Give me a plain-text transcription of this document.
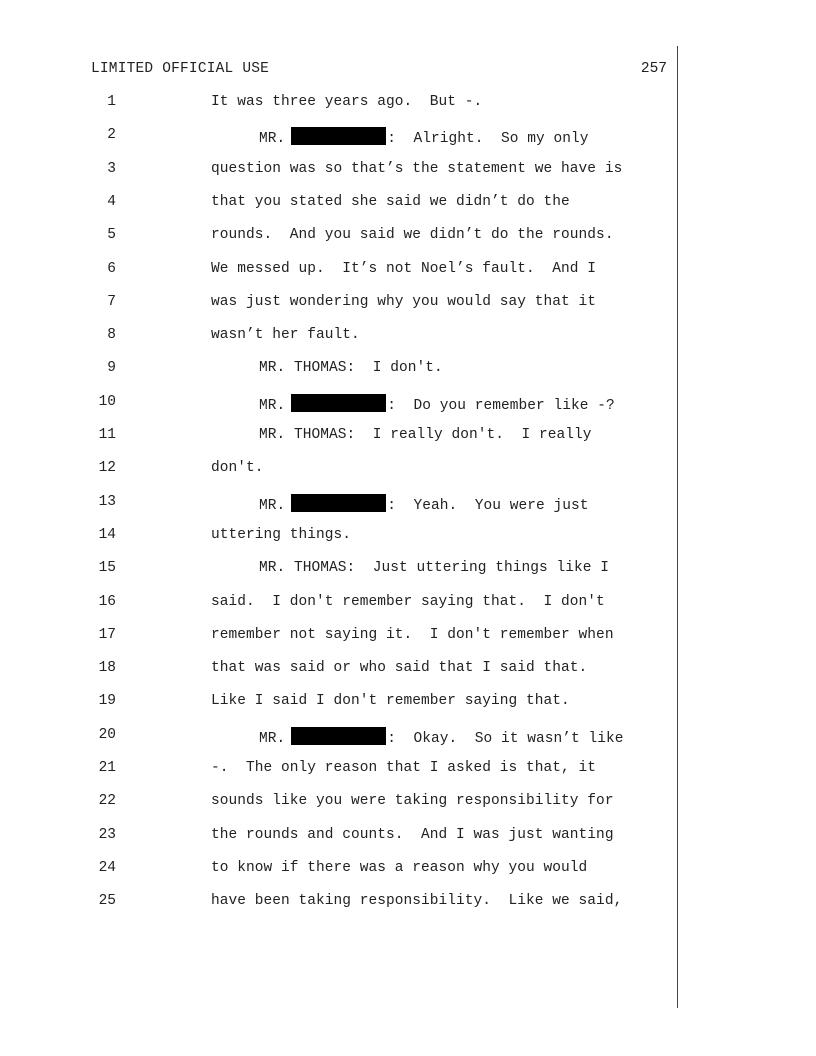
LIMITED OFFICIAL USE	257
1	It was three years ago.  But -.
2	MR.	:  Alright.  So my only
3	question was so that’s the statement we have is
4	that you stated she said we didn’t do the
5	rounds.  And you said we didn’t do the rounds.
6	We messed up.  It’s not Noel’s fault.  And I
7	was just wondering why you would say that it
8	wasn’t her fault.
9	MR. THOMAS:  I don't.
10	MR.	:  Do you remember like -?
11	MR. THOMAS:  I really don't.  I really
12	don't.
13	MR.	:  Yeah.  You were just
14	uttering things.
15	MR. THOMAS:  Just uttering things like I
16	said.  I don't remember saying that.  I don't
17	remember not saying it.  I don't remember when
18	that was said or who said that I said that.
19	Like I said I don't remember saying that.
20	MR.	:  Okay.  So it wasn’t like
21	-.  The only reason that I asked is that, it
22	sounds like you were taking responsibility for
23	the rounds and counts.  And I was just wanting
24	to know if there was a reason why you would
25	have been taking responsibility.  Like we said,
